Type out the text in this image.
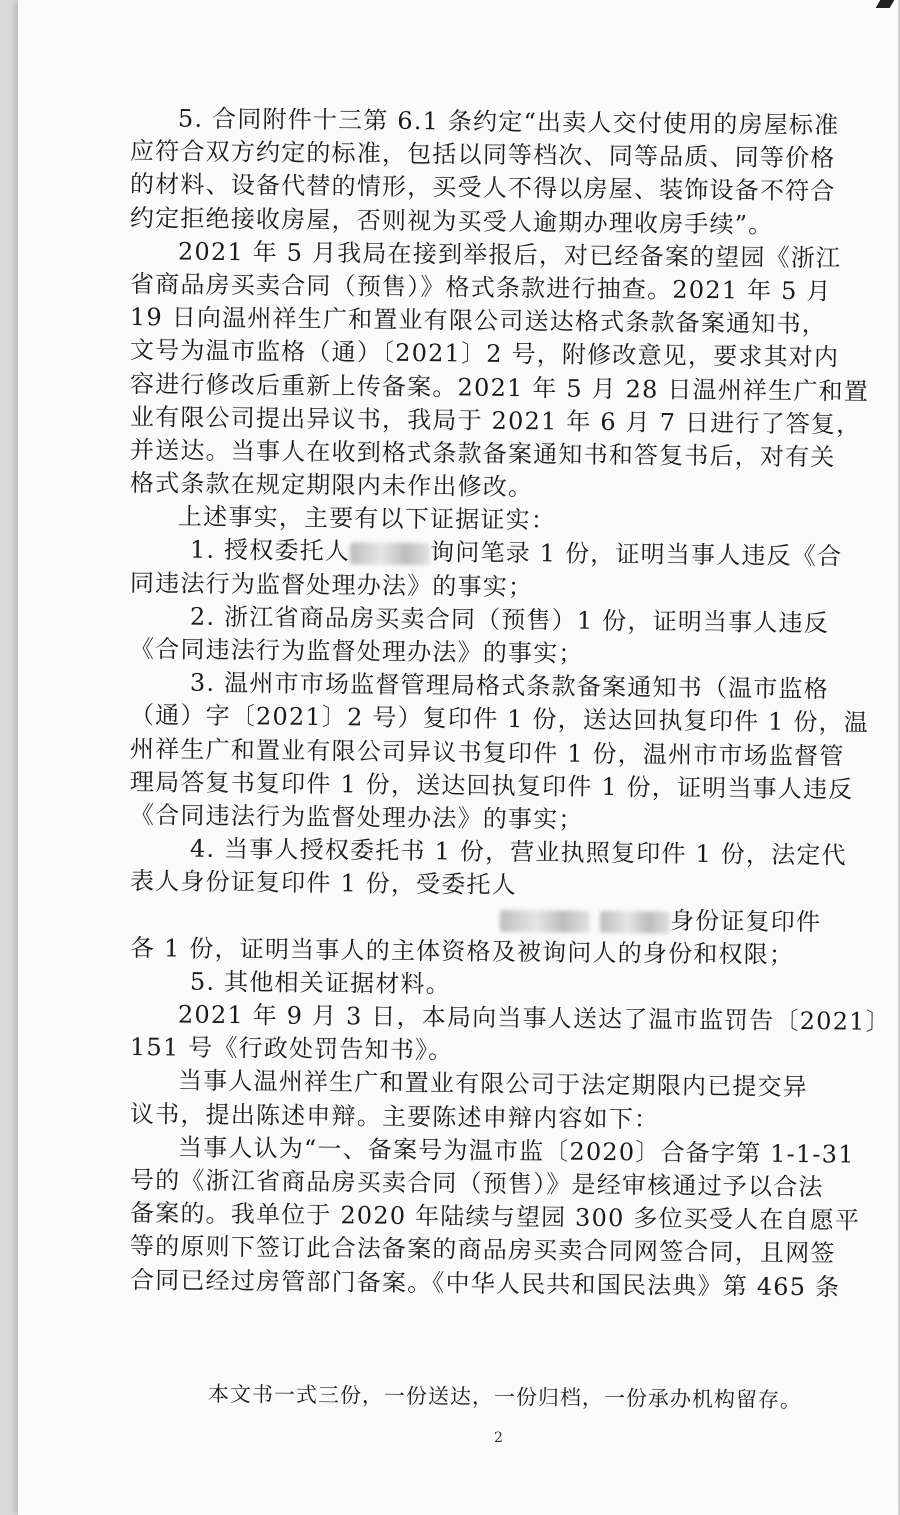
5. 合同附件十三第 6.1 条约定“出卖人交付使用的房屋标准
应符合双方约定的标准，包括以同等档次、同等品质、同等价格
的材料、设备代替的情形，买受人不得以房屋、装饰设备不符合
约定拒绝接收房屋，否则视为买受人逾期办理收房手续”。
2021 年 5 月我局在接到举报后，对已经备案的望园《浙江
省商品房买卖合同（预售）》格式条款进行抽查。2021 年 5 月
19 日向温州祥生广和置业有限公司送达格式条款备案通知书，
文号为温市监格（通）〔2021〕2 号，附修改意见，要求其对内
容进行修改后重新上传备案。2021 年 5 月 28 日温州祥生广和置
业有限公司提出异议书，我局于 2021 年 6 月 7 日进行了答复，
并送达。当事人在收到格式条款备案通知书和答复书后，对有关
格式条款在规定期限内未作出修改。
上述事实，主要有以下证据证实：
1. 授权委托人	询问笔录 1 份，证明当事人违反《合
同违法行为监督处理办法》的事实；
2. 浙江省商品房买卖合同（预售）1 份，证明当事人违反
《合同违法行为监督处理办法》的事实；
3. 温州市市场监督管理局格式条款备案通知书（温市监格
（通）字〔2021〕2 号）复印件 1 份，送达回执复印件 1 份，温
州祥生广和置业有限公司异议书复印件 1 份，温州市市场监督管
理局答复书复印件 1 份，送达回执复印件 1 份，证明当事人违反
《合同违法行为监督处理办法》的事实；
4. 当事人授权委托书 1 份，营业执照复印件 1 份，法定代
表人身份证复印件 1 份，受委托人
身份证复印件
各 1 份，证明当事人的主体资格及被询问人的身份和权限；
5. 其他相关证据材料。
2021 年 9 月 3 日，本局向当事人送达了温市监罚告〔2021〕
151 号《行政处罚告知书》。
当事人温州祥生广和置业有限公司于法定期限内已提交异
议书，提出陈述申辩。主要陈述申辩内容如下：
当事人认为“一、备案号为温市监〔2020〕合备字第 1-1-31
号的《浙江省商品房买卖合同（预售）》是经审核通过予以合法
备案的。我单位于 2020 年陆续与望园 300 多位买受人在自愿平
等的原则下签订此合法备案的商品房买卖合同网签合同，且网签
合同已经过房管部门备案。《中华人民共和国民法典》第 465 条
本文书一式三份，一份送达，一份归档，一份承办机构留存。
2
